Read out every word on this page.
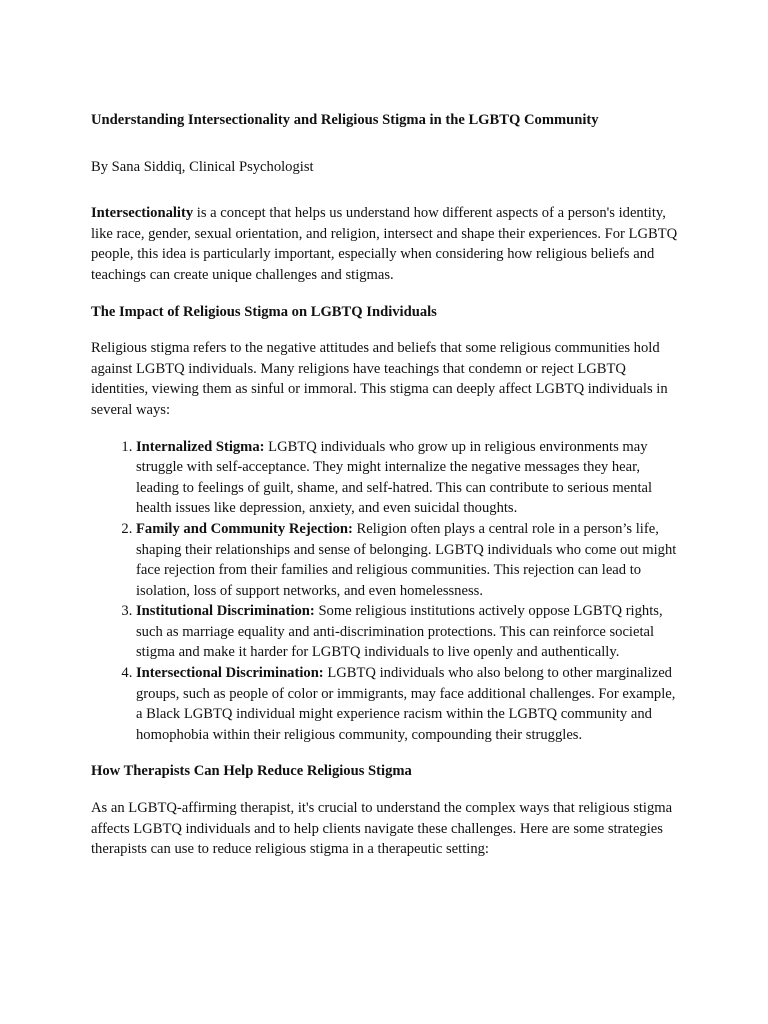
Understanding Intersectionality and Religious Stigma in the LGBTQ Community

By Sana Siddiq, Clinical Psychologist

Intersectionality is a concept that helps us understand how different aspects of a person's identity, like race, gender, sexual orientation, and religion, intersect and shape their experiences. For LGBTQ people, this idea is particularly important, especially when considering how religious beliefs and teachings can create unique challenges and stigmas.

The Impact of Religious Stigma on LGBTQ Individuals

Religious stigma refers to the negative attitudes and beliefs that some religious communities hold against LGBTQ individuals. Many religions have teachings that condemn or reject LGBTQ identities, viewing them as sinful or immoral. This stigma can deeply affect LGBTQ individuals in several ways:

1. Internalized Stigma: LGBTQ individuals who grow up in religious environments may struggle with self-acceptance. They might internalize the negative messages they hear, leading to feelings of guilt, shame, and self-hatred. This can contribute to serious mental health issues like depression, anxiety, and even suicidal thoughts.
2. Family and Community Rejection: Religion often plays a central role in a person’s life, shaping their relationships and sense of belonging. LGBTQ individuals who come out might face rejection from their families and religious communities. This rejection can lead to isolation, loss of support networks, and even homelessness.
3. Institutional Discrimination: Some religious institutions actively oppose LGBTQ rights, such as marriage equality and anti-discrimination protections. This can reinforce societal stigma and make it harder for LGBTQ individuals to live openly and authentically.
4. Intersectional Discrimination: LGBTQ individuals who also belong to other marginalized groups, such as people of color or immigrants, may face additional challenges. For example, a Black LGBTQ individual might experience racism within the LGBTQ community and homophobia within their religious community, compounding their struggles.

How Therapists Can Help Reduce Religious Stigma

As an LGBTQ-affirming therapist, it's crucial to understand the complex ways that religious stigma affects LGBTQ individuals and to help clients navigate these challenges. Here are some strategies therapists can use to reduce religious stigma in a therapeutic setting:
